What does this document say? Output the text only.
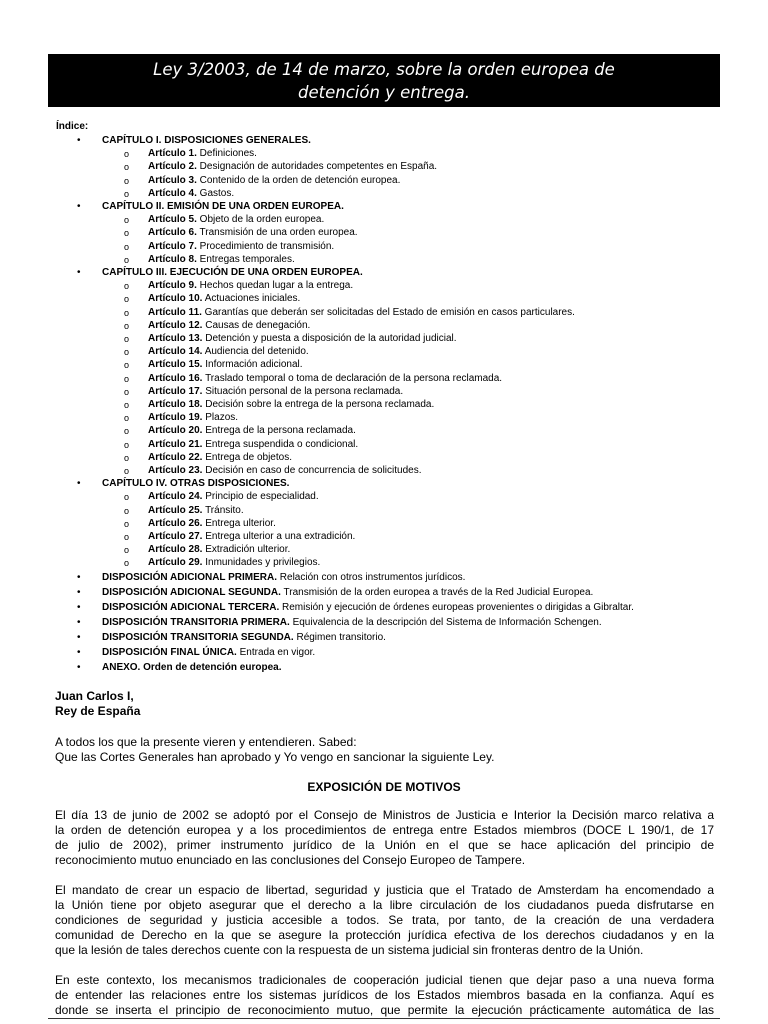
Ley 3/2003, de 14 de marzo, sobre la orden europea de
detención y entrega.
Índice:
• CAPÍTULO I. DISPOSICIONES GENERALES.
o Artículo 1. Definiciones.
o Artículo 2. Designación de autoridades competentes en España.
o Artículo 3. Contenido de la orden de detención europea.
o Artículo 4. Gastos.
• CAPÍTULO II. EMISIÓN DE UNA ORDEN EUROPEA.
o Artículo 5. Objeto de la orden europea.
o Artículo 6. Transmisión de una orden europea.
o Artículo 7. Procedimiento de transmisión.
o Artículo 8. Entregas temporales.
• CAPÍTULO III. EJECUCIÓN DE UNA ORDEN EUROPEA.
o Artículo 9. Hechos quedan lugar a la entrega.
o Artículo 10. Actuaciones iniciales.
o Artículo 11. Garantías que deberán ser solicitadas del Estado de emisión en casos particulares.
o Artículo 12. Causas de denegación.
o Artículo 13. Detención y puesta a disposición de la autoridad judicial.
o Artículo 14. Audiencia del detenido.
o Artículo 15. Información adicional.
o Artículo 16. Traslado temporal o toma de declaración de la persona reclamada.
o Artículo 17. Situación personal de la persona reclamada.
o Artículo 18. Decisión sobre la entrega de la persona reclamada.
o Artículo 19. Plazos.
o Artículo 20. Entrega de la persona reclamada.
o Artículo 21. Entrega suspendida o condicional.
o Artículo 22. Entrega de objetos.
o Artículo 23. Decisión en caso de concurrencia de solicitudes.
• CAPÍTULO IV. OTRAS DISPOSICIONES.
o Artículo 24. Principio de especialidad.
o Artículo 25. Tránsito.
o Artículo 26. Entrega ulterior.
o Artículo 27. Entrega ulterior a una extradición.
o Artículo 28. Extradición ulterior.
o Artículo 29. Inmunidades y privilegios.
• DISPOSICIÓN ADICIONAL PRIMERA. Relación con otros instrumentos jurídicos.
• DISPOSICIÓN ADICIONAL SEGUNDA. Transmisión de la orden europea a través de la Red Judicial Europea.
• DISPOSICIÓN ADICIONAL TERCERA. Remisión y ejecución de órdenes europeas provenientes o dirigidas a Gibraltar.
• DISPOSICIÓN TRANSITORIA PRIMERA. Equivalencia de la descripción del Sistema de Información Schengen.
• DISPOSICIÓN TRANSITORIA SEGUNDA. Régimen transitorio.
• DISPOSICIÓN FINAL ÚNICA. Entrada en vigor.
• ANEXO. Orden de detención europea.
Juan Carlos I,
Rey de España
A todos los que la presente vieren y entendieren. Sabed:
Que las Cortes Generales han aprobado y Yo vengo en sancionar la siguiente Ley.
EXPOSICIÓN DE MOTIVOS
El día 13 de junio de 2002 se adoptó por el Consejo de Ministros de Justicia e Interior la Decisión marco relativa a
la orden de detención europea y a los procedimientos de entrega entre Estados miembros (DOCE L 190/1, de 17
de julio de 2002), primer instrumento jurídico de la Unión en el que se hace aplicación del principio de
reconocimiento mutuo enunciado en las conclusiones del Consejo Europeo de Tampere.
El mandato de crear un espacio de libertad, seguridad y justicia que el Tratado de Amsterdam ha encomendado a
la Unión tiene por objeto asegurar que el derecho a la libre circulación de los ciudadanos pueda disfrutarse en
condiciones de seguridad y justicia accesible a todos. Se trata, por tanto, de la creación de una verdadera
comunidad de Derecho en la que se asegure la protección jurídica efectiva de los derechos ciudadanos y en la
que la lesión de tales derechos cuente con la respuesta de un sistema judicial sin fronteras dentro de la Unión.
En este contexto, los mecanismos tradicionales de cooperación judicial tienen que dejar paso a una nueva forma
de entender las relaciones entre los sistemas jurídicos de los Estados miembros basada en la confianza. Aquí es
donde se inserta el principio de reconocimiento mutuo, que permite la ejecución prácticamente automática de las
